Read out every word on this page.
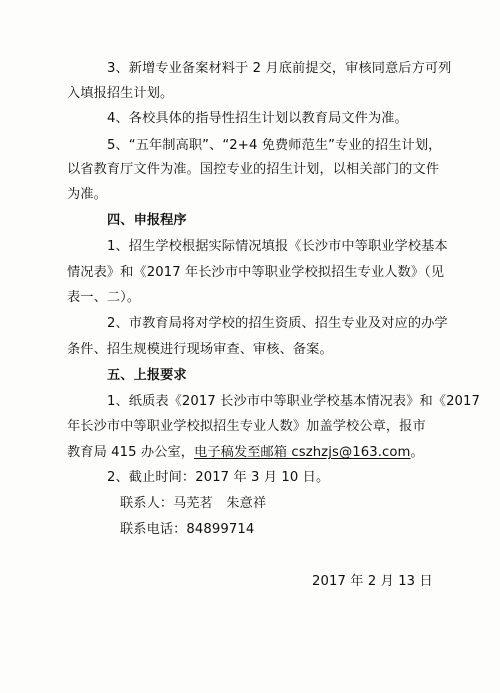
3、新增专业备案材料于 2 月底前提交，审核同意后方可列
入填报招生计划。
4、各校具体的指导性招生计划以教育局文件为准。
5、“五年制高职”、“2+4 免费师范生”专业的招生计划，
以省教育厅文件为准。国控专业的招生计划，以相关部门的文件
为准。
四、申报程序
1、招生学校根据实际情况填报《长沙市中等职业学校基本
情况表》和《2017 年长沙市中等职业学校拟招生专业人数》（见
表一、二）。
2、市教育局将对学校的招生资质、招生专业及对应的办学
条件、招生规模进行现场审查、审核、备案。
五、上报要求
1、纸质表《2017 长沙市中等职业学校基本情况表》和《2017
年长沙市中等职业学校拟招生专业人数》加盖学校公章，报市
教育局 415 办公室，电子稿发至邮箱 cszhzjs@163.com。
2、截止时间：2017 年 3 月 10 日。
联系人：马芜茗　朱意祥
联系电话：84899714
2017 年 2 月 13 日
